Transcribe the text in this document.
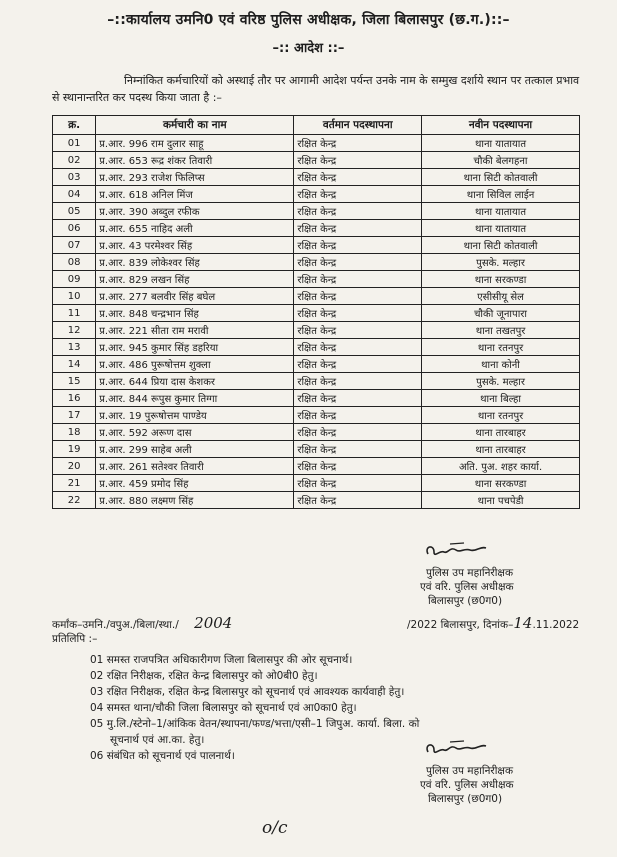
–::कार्यालय उमनि0 एवं वरिष्ठ पुलिस अधीक्षक, जिला बिलासपुर (छ.ग.)::–
–:: आदेश ::–
निम्नांकित कर्मचारियों को अस्थाई तौर पर आगामी आदेश पर्यन्त उनके नाम के सम्मुख दर्शाये स्थान पर तत्काल प्रभाव से स्थानान्तरित कर पदस्थ किया जाता है :–
क्र.	कर्मचारी का नाम	वर्तमान पदस्थापना	नवीन पदस्थापना
01	प्र.आर. 996 राम दुलार साहू	रक्षित केन्द्र	थाना यातायात
02	प्र.आर. 653 रूद्र शंकर तिवारी	रक्षित केन्द्र	चौकी बेलगहना
03	प्र.आर. 293 राजेश फिलिप्स	रक्षित केन्द्र	थाना सिटी कोतवाली
04	प्र.आर. 618 अनिल मिंज	रक्षित केन्द्र	थाना सिविल लाईन
05	प्र.आर. 390 अब्दुल रफीक	रक्षित केन्द्र	थाना यातायात
06	प्र.आर. 655 नाहिद अली	रक्षित केन्द्र	थाना यातायात
07	प्र.आर. 43 परमेश्वर सिंह	रक्षित केन्द्र	थाना सिटी कोतवाली
08	प्र.आर. 839 लोकेश्वर सिंह	रक्षित केन्द्र	पुसके. मल्हार
09	प्र.आर. 829 लखन सिंह	रक्षित केन्द्र	थाना सरकण्डा
10	प्र.आर. 277 बलवीर सिंह बघेल	रक्षित केन्द्र	एसीसीयू सेल
11	प्र.आर. 848 चन्द्रभान सिंह	रक्षित केन्द्र	चौकी जूनापारा
12	प्र.आर. 221 सीता राम मरावी	रक्षित केन्द्र	थाना तखतपुर
13	प्र.आर. 945 कुमार सिंह डहरिया	रक्षित केन्द्र	थाना रतनपुर
14	प्र.आर. 486 पुरूषोत्तम शुक्ला	रक्षित केन्द्र	थाना कोनी
15	प्र.आर. 644 प्रिया दास केशकर	रक्षित केन्द्र	पुसके. मल्हार
16	प्र.आर. 844 रूपुस कुमार तिग्गा	रक्षित केन्द्र	थाना बिल्हा
17	प्र.आर. 19 पुरूषोत्तम पाण्डेय	रक्षित केन्द्र	थाना रतनपुर
18	प्र.आर. 592 अरूण दास	रक्षित केन्द्र	थाना तारबाहर
19	प्र.आर. 299 साहेब अली	रक्षित केन्द्र	थाना तारबाहर
20	प्र.आर. 261 सतेश्वर तिवारी	रक्षित केन्द्र	अति. पुअ. शहर कार्या.
21	प्र.आर. 459 प्रमोद सिंह	रक्षित केन्द्र	थाना सरकण्डा
22	प्र.आर. 880 लक्ष्मण सिंह	रक्षित केन्द्र	थाना पचपेडी
पुलिस उप महानिरीक्षक
एवं वरि. पुलिस अधीक्षक
बिलासपुर (छ0ग0)
कर्मांक–उमनि./वपुअ./बिला/स्था./ 2004	/2022 बिलासपुर, दिनांक–14.11.2022
प्रतिलिपि :–
01 समस्त राजपत्रित अधिकारीगण जिला बिलासपुर की ओर सूचनार्थ।
02 रक्षित निरीक्षक, रक्षित केन्द्र बिलासपुर को ओ0बी0 हेतु।
03 रक्षित निरीक्षक, रक्षित केन्द्र बिलासपुर को सूचनार्थ एवं आवश्यक कार्यवाही हेतु।
04 समस्त थाना/चौकी जिला बिलासपुर को सूचनार्थ एवं आ0का0 हेतु।
05 मु.लि./स्टेनो–1/आंकिक वेतन/स्थापना/फण्ड/भत्ता/एसी–1 जिपुअ. कार्या. बिला. को
सूचनार्थ एवं आ.का. हेतु।
06 संबंधित को सूचनार्थ एवं पालनार्थ।
पुलिस उप महानिरीक्षक
एवं वरि. पुलिस अधीक्षक
बिलासपुर (छ0ग0)
o/c
